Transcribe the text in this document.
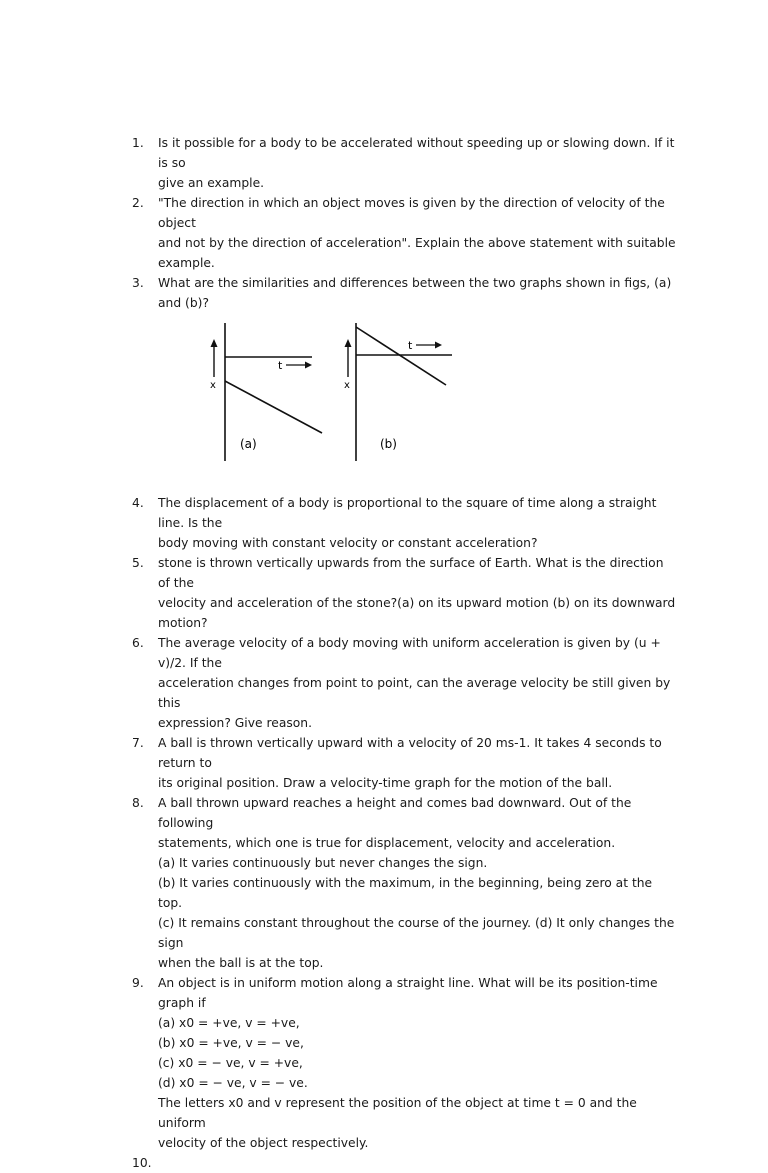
1.	Is it possible for a body to be accelerated without speeding up or slowing down. If it is so
give an example.
2.	"The direction in which an object moves is given by the direction of velocity of the object
and not by the direction of acceleration". Explain the above statement with suitable
example.
3.	What are the similarities and differences between the two graphs shown in figs, (a) and (b)?
x
t
(a)
x
t
(b)
4.	The displacement of a body is proportional to the square of time along a straight line. Is the
body moving with constant velocity or constant acceleration?
5.	stone is thrown vertically upwards from the surface of Earth. What is the direction of the
velocity and acceleration of the stone?(a) on its upward motion (b) on its downward
motion?
6.	The average velocity of a body moving with uniform acceleration is given by (u + v)/2. If the
acceleration changes from point to point, can the average velocity be still given by this
expression? Give reason.
7.	A ball is thrown vertically upward with a velocity of 20 ms-1. It takes 4 seconds to return to
its original position. Draw a velocity-time graph for the motion of the ball.
8.	A ball thrown upward reaches a height and comes bad downward. Out of the following
statements, which one is true for displacement, velocity and acceleration.
(a) It varies continuously but never changes the sign.
(b) It varies continuously with the maximum, in the beginning, being zero at the top.
(c) It remains constant throughout the course of the journey. (d) It only changes the sign
when the ball is at the top.
9.	An object is in uniform motion along a straight line. What will be its position-time graph if
(a) x0 = +ve, v = +ve,
(b) x0 = +ve, v = − ve,
(c) x0 = − ve, v = +ve,
(d) x0 = − ve, v = − ve.
The letters x0 and v represent the position of the object at time t = 0 and the uniform
velocity of the object respectively.
10.
